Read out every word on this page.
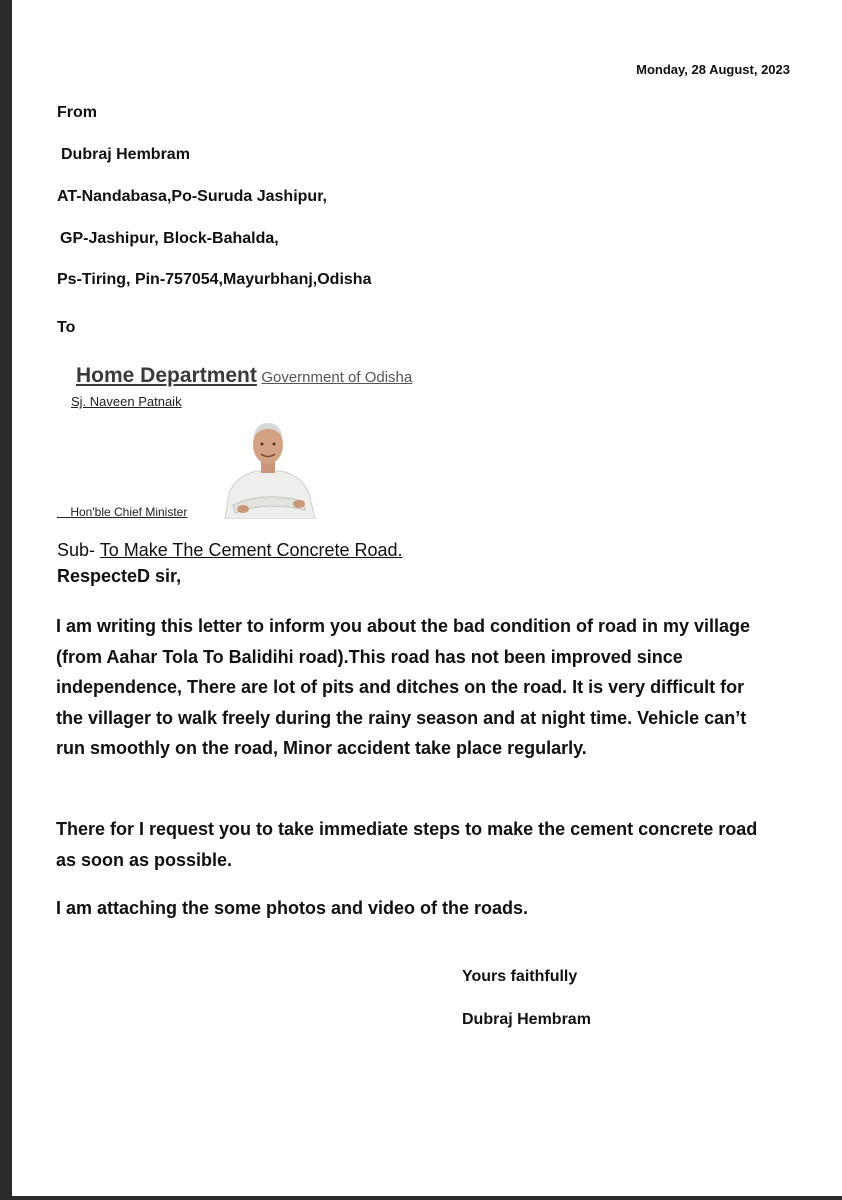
Monday, 28 August, 2023
From
Dubraj Hembram
AT-Nandabasa,Po-Suruda Jashipur,
GP-Jashipur, Block-Bahalda,
Ps-Tiring, Pin-757054,Mayurbhanj,Odisha
To
Home Department Government of Odisha
Sj. Naveen Patnaik
Hon'ble Chief Minister
Sub- To Make The Cement Concrete Road.
RespecteD sir,
I am writing this letter to inform you about the bad condition of road in my village (from Aahar Tola To Balidihi road).This road has not been improved since independence, There are lot of pits and ditches on the road. It is very difficult for the villager to walk freely during the rainy season and at night time. Vehicle can’t run smoothly on the road, Minor accident take place regularly.
There for I request you to take immediate steps to make the cement concrete road as soon as possible.
I am attaching the some photos and video of the roads.
Yours faithfully
Dubraj Hembram
